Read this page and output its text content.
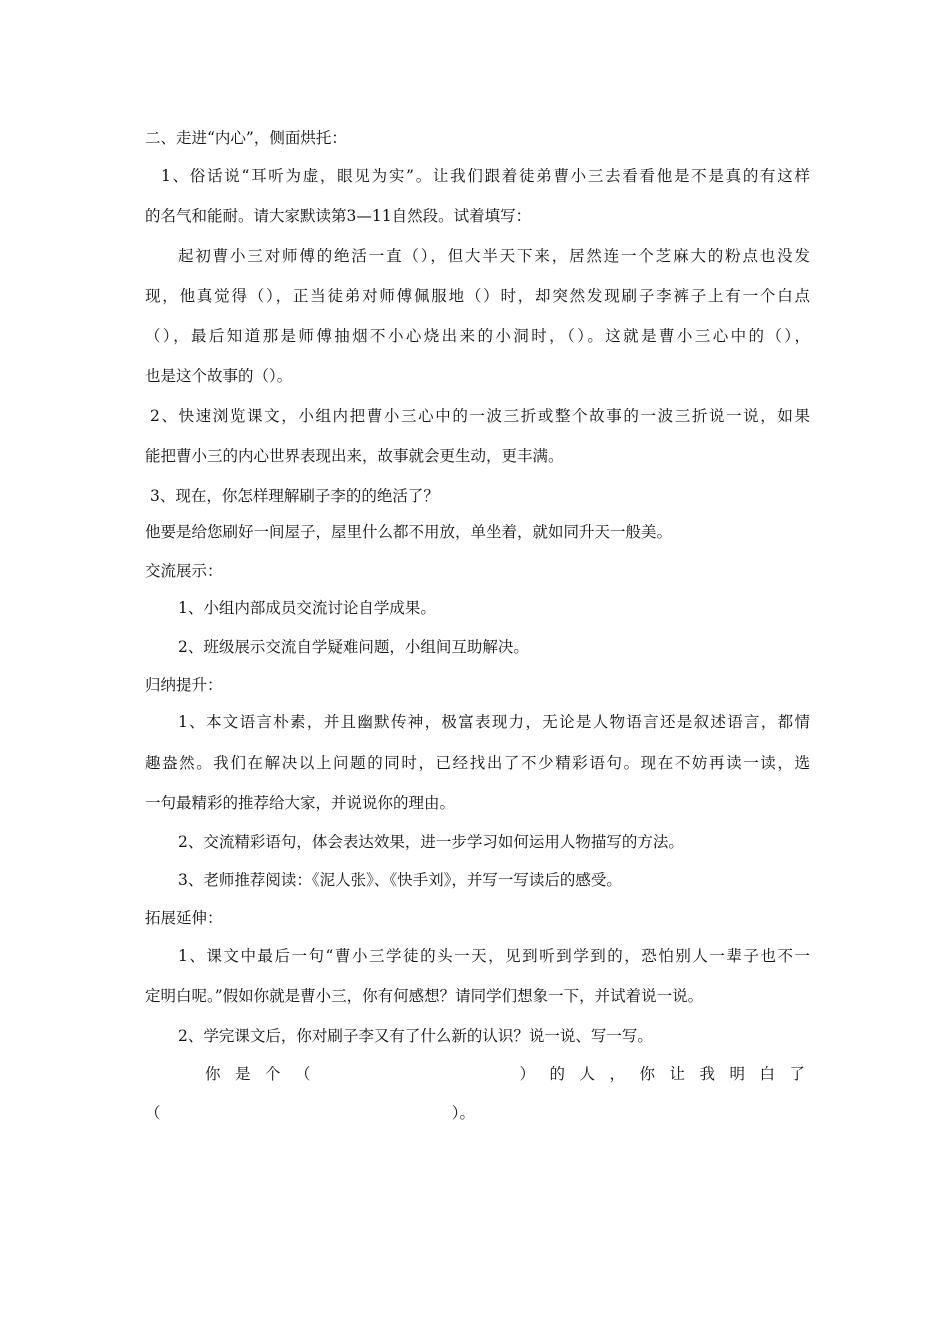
二、走进“内心”，侧面烘托：
1、俗话说“耳听为虚，眼见为实”。让我们跟着徒弟曹小三去看看他是不是真的有这样
的名气和能耐。请大家默读第3—11自然段。试着填写：
起初曹小三对师傅的绝活一直（），但大半天下来，居然连一个芝麻大的粉点也没发
现，他真觉得（），正当徒弟对师傅佩服地（）时，却突然发现刷子李裤子上有一个白点
（），最后知道那是师傅抽烟不小心烧出来的小洞时，（）。这就是曹小三心中的（），
也是这个故事的（）。
2、快速浏览课文，小组内把曹小三心中的一波三折或整个故事的一波三折说一说，如果
能把曹小三的内心世界表现出来，故事就会更生动，更丰满。
3、现在，你怎样理解刷子李的的绝活了？
他要是给您刷好一间屋子，屋里什么都不用放，单坐着，就如同升天一般美。
交流展示：
1、小组内部成员交流讨论自学成果。
2、班级展示交流自学疑难问题，小组间互助解决。
归纳提升：
1、本文语言朴素，并且幽默传神，极富表现力，无论是人物语言还是叙述语言，都情
趣盎然。我们在解决以上问题的同时，已经找出了不少精彩语句。现在不妨再读一读，选
一句最精彩的推荐给大家，并说说你的理由。
2、交流精彩语句，体会表达效果，进一步学习如何运用人物描写的方法。
3、老师推荐阅读：《泥人张》、《快手刘》，并写一写读后的感受。
拓展延伸：
1、课文中最后一句“曹小三学徒的头一天，见到听到学到的，恐怕别人一辈子也不一
定明白呢。”假如你就是曹小三，你有何感想？请同学们想象一下，并试着说一说。
2、学完课文后，你对刷子李又有了什么新的认识？说一说、写一写。
你 是 个 （	） 的 人 ， 你 让 我 明 白 了
（	）。
